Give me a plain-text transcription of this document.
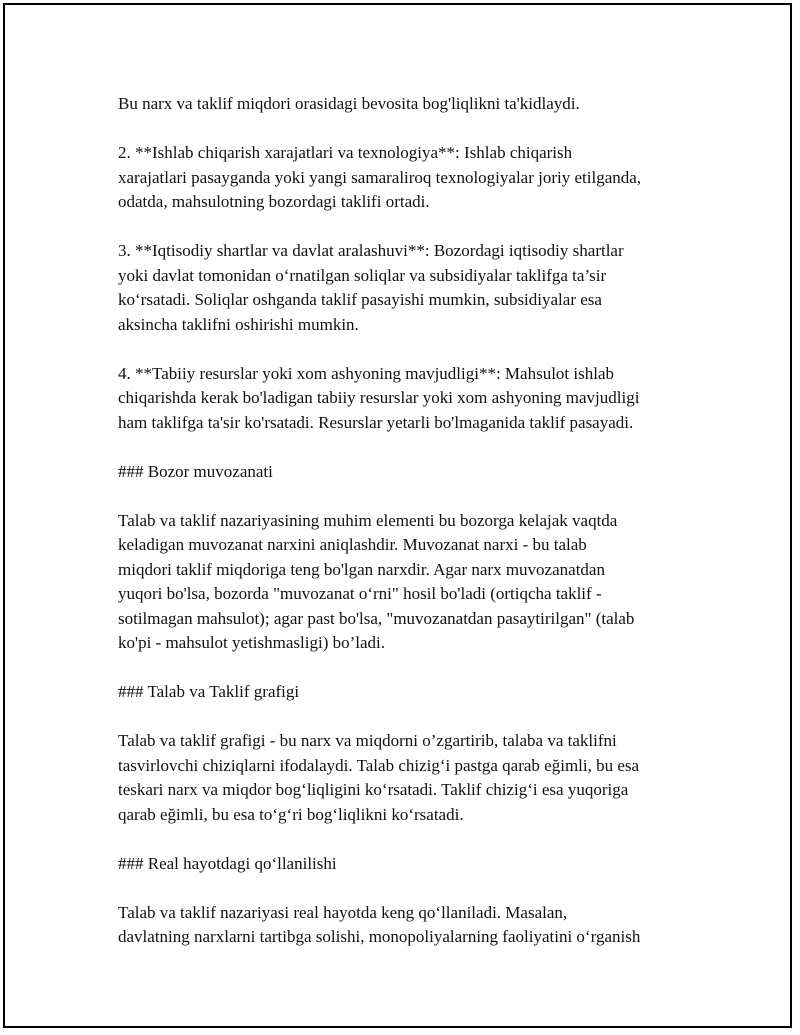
Bu narx va taklif miqdori orasidagi bevosita bog'liqlikni ta'kidlaydi.

2. **Ishlab chiqarish xarajatlari va texnologiya**: Ishlab chiqarish
xarajatlari pasayganda yoki yangi samaraliroq texnologiyalar joriy etilganda,
odatda, mahsulotning bozordagi taklifi ortadi.

3. **Iqtisodiy shartlar va davlat aralashuvi**: Bozordagi iqtisodiy shartlar
yoki davlat tomonidan o‘rnatilgan soliqlar va subsidiyalar taklifga ta’sir
ko‘rsatadi. Soliqlar oshganda taklif pasayishi mumkin, subsidiyalar esa
aksincha taklifni oshirishi mumkin.

4. **Tabiiy resurslar yoki xom ashyoning mavjudligi**: Mahsulot ishlab
chiqarishda kerak bo'ladigan tabiiy resurslar yoki xom ashyoning mavjudligi
ham taklifga ta'sir ko'rsatadi. Resurslar yetarli bo'lmaganida taklif pasayadi.

### Bozor muvozanati

Talab va taklif nazariyasining muhim elementi bu bozorga kelajak vaqtda
keladigan muvozanat narxini aniqlashdir. Muvozanat narxi - bu talab
miqdori taklif miqdoriga teng bo'lgan narxdir. Agar narx muvozanatdan
yuqori bo'lsa, bozorda "muvozanat o‘rni" hosil bo'ladi (ortiqcha taklif -
sotilmagan mahsulot); agar past bo'lsa, "muvozanatdan pasaytirilgan" (talab
ko'pi - mahsulot yetishmasligi) bo’ladi.

### Talab va Taklif grafigi

Talab va taklif grafigi - bu narx va miqdorni o’zgartirib, talaba va taklifni
tasvirlovchi chiziqlarni ifodalaydi. Talab chizig‘i pastga qarab eğimli, bu esa
teskari narx va miqdor bog‘liqligini ko‘rsatadi. Taklif chizig‘i esa yuqoriga
qarab eğimli, bu esa to‘g‘ri bog‘liqlikni ko‘rsatadi.

### Real hayotdagi qo‘llanilishi

Talab va taklif nazariyasi real hayotda keng qo‘llaniladi. Masalan,
davlatning narxlarni tartibga solishi, monopoliyalarning faoliyatini o‘rganish
